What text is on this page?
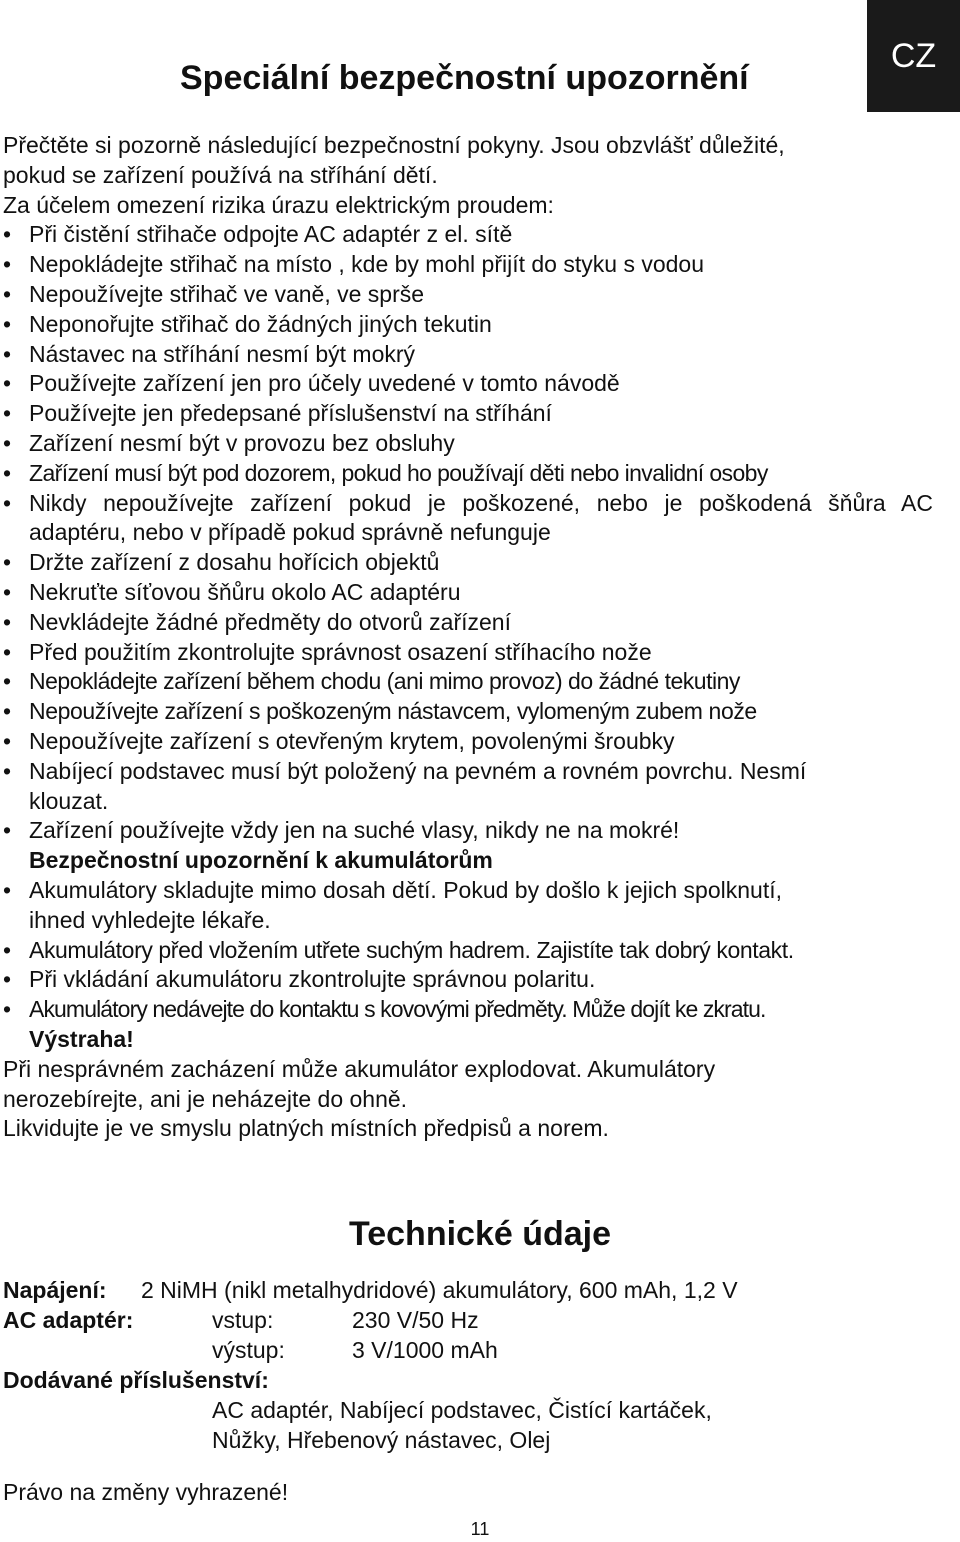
CZ
Speciální bezpečnostní upozornění

Přečtěte si pozorně následující bezpečnostní pokyny. Jsou obzvlášť důležité,

pokud se zařízení používá na stříhání dětí.

Za účelem omezení rizika úrazu elektrickým proudem:

• Při čistění střihače odpojte AC adaptér z el. sítě
• Nepokládejte střihač na místo , kde by mohl přijít do styku s vodou
• Nepoužívejte střihač ve vaně, ve sprše
• Neponořujte střihač do žádných jiných tekutin
• Nástavec na stříhání nesmí být mokrý
• Používejte zařízení jen pro účely uvedené v tomto návodě
• Používejte jen předepsané příslušenství na stříhání
• Zařízení nesmí být v provozu bez obsluhy
• Zařízení musí být pod dozorem, pokud ho používají děti nebo invalidní osoby
• Nikdy nepoužívejte zařízení pokud je poškozené, nebo je poškodená šňůra AC adaptéru, nebo v případě pokud správně nefunguje
• Držte zařízení z dosahu hořícich objektů
• Nekruťte síťovou šňůru okolo AC adaptéru
• Nevkládejte žádné předměty do otvorů zařízení
• Před použitím zkontrolujte správnost osazení stříhacího nože
• Nepokládejte zařízení během chodu (ani mimo provoz) do žádné tekutiny
• Nepoužívejte zařízení s poškozeným nástavcem, vylomeným zubem nože
• Nepoužívejte zařízení s otevřeným krytem, povolenými šroubky
• Nabíjecí podstavec musí být položený na pevném a rovném povrchu. Nesmí klouzat.
• Zařízení používejte vždy jen na suché vlasy, nikdy ne na mokré!

Bezpečnostní upozornění k akumulátorům

• Akumulátory skladujte mimo dosah dětí. Pokud by došlo k jejich spolknutí, ihned vyhledejte lékaře.
• Akumulátory před vložením utřete suchým hadrem. Zajistíte tak dobrý kontakt.
• Při vkládání akumulátoru zkontrolujte správnou polaritu.
• Akumulátory nedávejte do kontaktu s kovovými předměty. Může dojít ke zkratu.

Výstraha!

Při nesprávném zacházení může akumulátor explodovat. Akumulátory

nerozebírejte, ani je neházejte do ohně.

Likvidujte je ve smyslu platných místních předpisů a norem.

Technické údaje
Napájení: 2 NiMH (nikl metalhydridové) akumulátory, 600 mAh, 1,2 V
AC adaptér:	vstup:	230 V/50 Hz
výstup:	3 V/1000 mAh
Dodávané příslušenství:
AC adaptér, Nabíjecí podstavec, Čistící kartáček,
Nůžky, Hřebenový nástavec, Olej
Právo na změny vyhrazené!
11
